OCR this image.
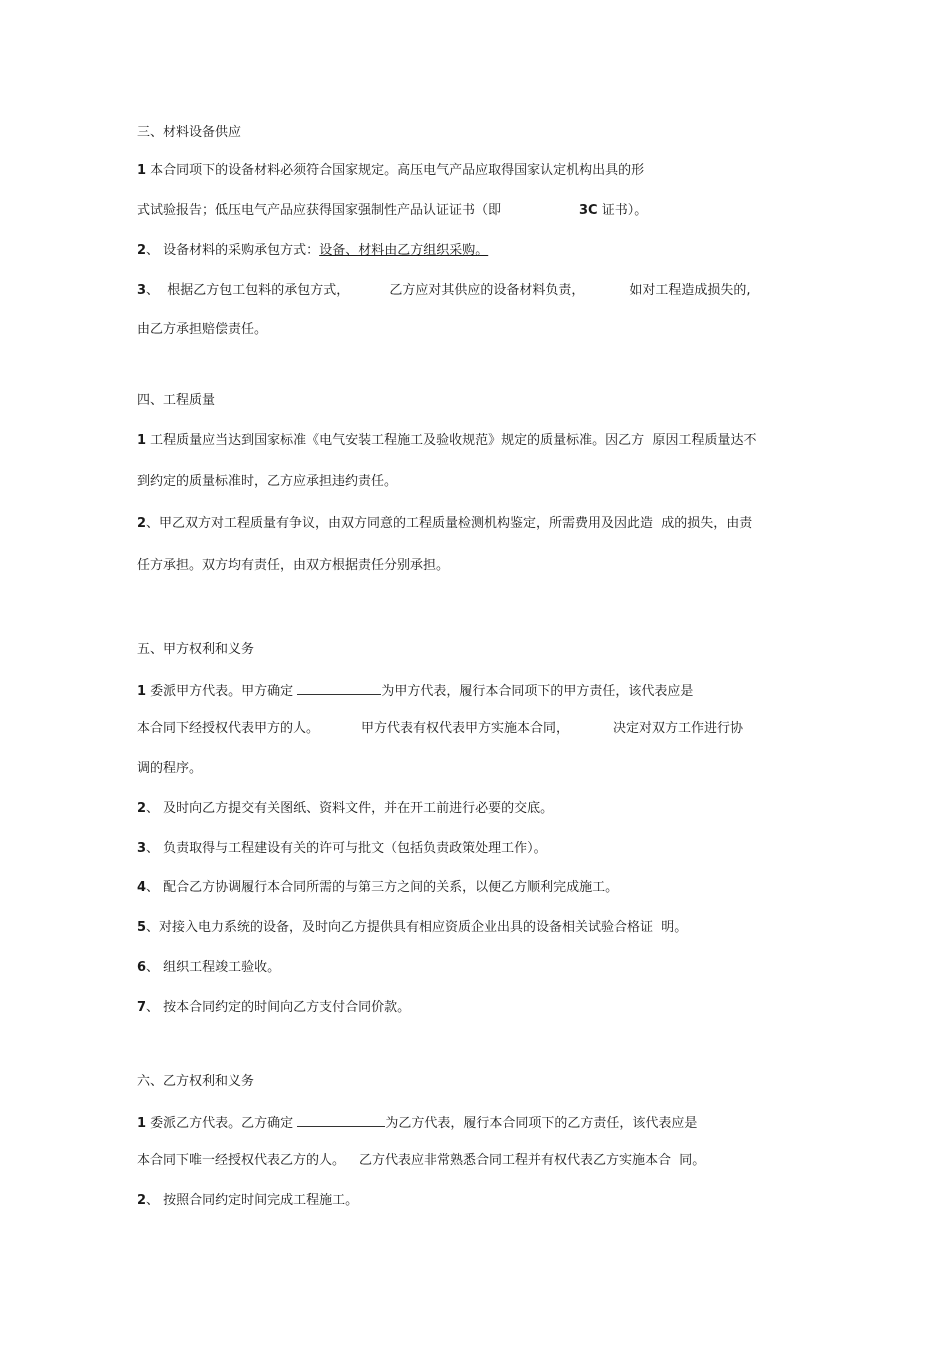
三、材料设备供应
1 本合同项下的设备材料必须符合国家规定。高压电气产品应取得国家认定机构出具的形
式试验报告；低压电气产品应获得国家强制性产品认证证书（即	3C 证书）。
2、 设备材料的采购承包方式：设备、材料由乙方组织采购。
3、  根据乙方包工包料的承包方式，	乙方应对其供应的设备材料负责，	如对工程造成损失的,
由乙方承担赔偿责任。
四、工程质量
1 工程质量应当达到国家标准《电气安装工程施工及验收规范》规定的质量标准。因乙方  原因工程质量达不
到约定的质量标准时，乙方应承担违约责任。
2、甲乙双方对工程质量有争议，由双方同意的工程质量检测机构鉴定，所需费用及因此造  成的损失，由责
任方承担。双方均有责任，由双方根据责任分别承担。
五、甲方权利和义务
1 委派甲方代表。甲方确定	为甲方代表，履行本合同项下的甲方责任，该代表应是
本合同下经授权代表甲方的人。	甲方代表有权代表甲方实施本合同，	决定对双方工作进行协
调的程序。
2、 及时向乙方提交有关图纸、资料文件，并在开工前进行必要的交底。
3、 负责取得与工程建设有关的许可与批文（包括负责政策处理工作）。
4、 配合乙方协调履行本合同所需的与第三方之间的关系，以便乙方顺利完成施工。
5、对接入电力系统的设备，及时向乙方提供具有相应资质企业出具的设备相关试验合格证  明。
6、 组织工程竣工验收。
7、 按本合同约定的时间向乙方支付合同价款。
六、乙方权利和义务
1 委派乙方代表。乙方确定	为乙方代表，履行本合同项下的乙方责任，该代表应是
本合同下唯一经授权代表乙方的人。 乙方代表应非常熟悉合同工程并有权代表乙方实施本合  同。
2、 按照合同约定时间完成工程施工。
